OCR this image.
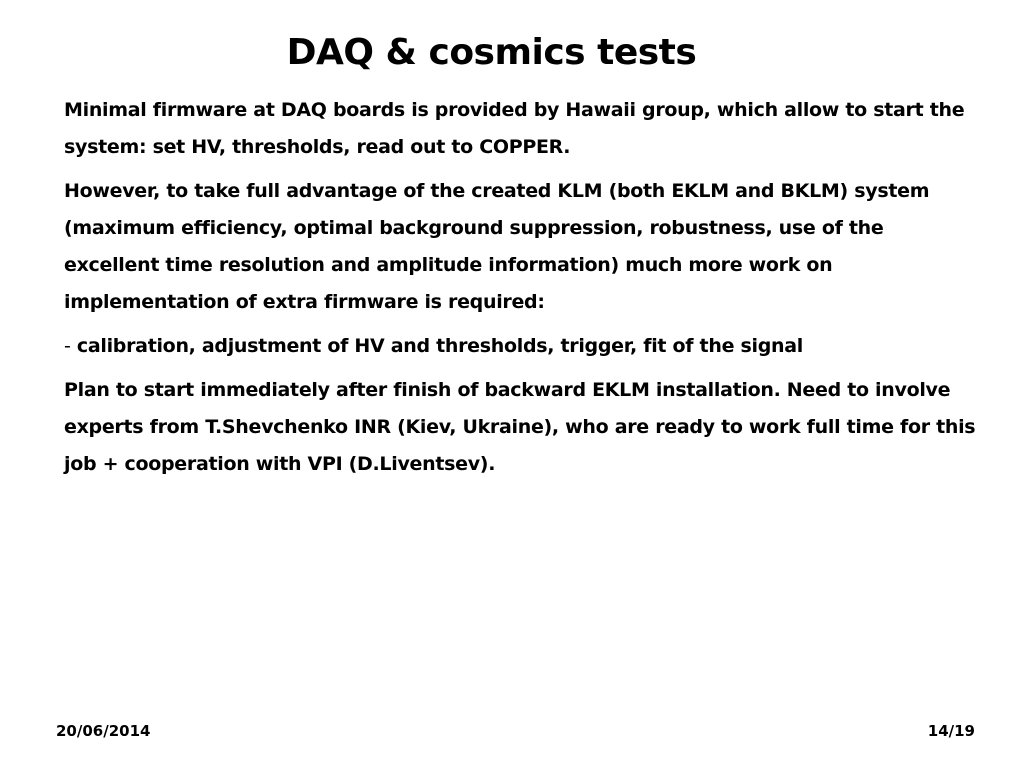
DAQ & cosmics tests

Minimal firmware at DAQ boards is provided by Hawaii group, which allow to start the system: set HV, thresholds, read out to COPPER.

However, to take full advantage of the created KLM (both EKLM and BKLM) system (maximum efficiency, optimal background suppression, robustness, use of the excellent time resolution and amplitude information) much more work on implementation of extra firmware is required:

- calibration, adjustment of HV and thresholds, trigger, fit of the signal

Plan to start immediately after finish of backward EKLM installation. Need to involve experts from T.Shevchenko INR (Kiev, Ukraine), who are ready to work full time for this job + cooperation with VPI (D.Liventsev).

20/06/2014	14/19
